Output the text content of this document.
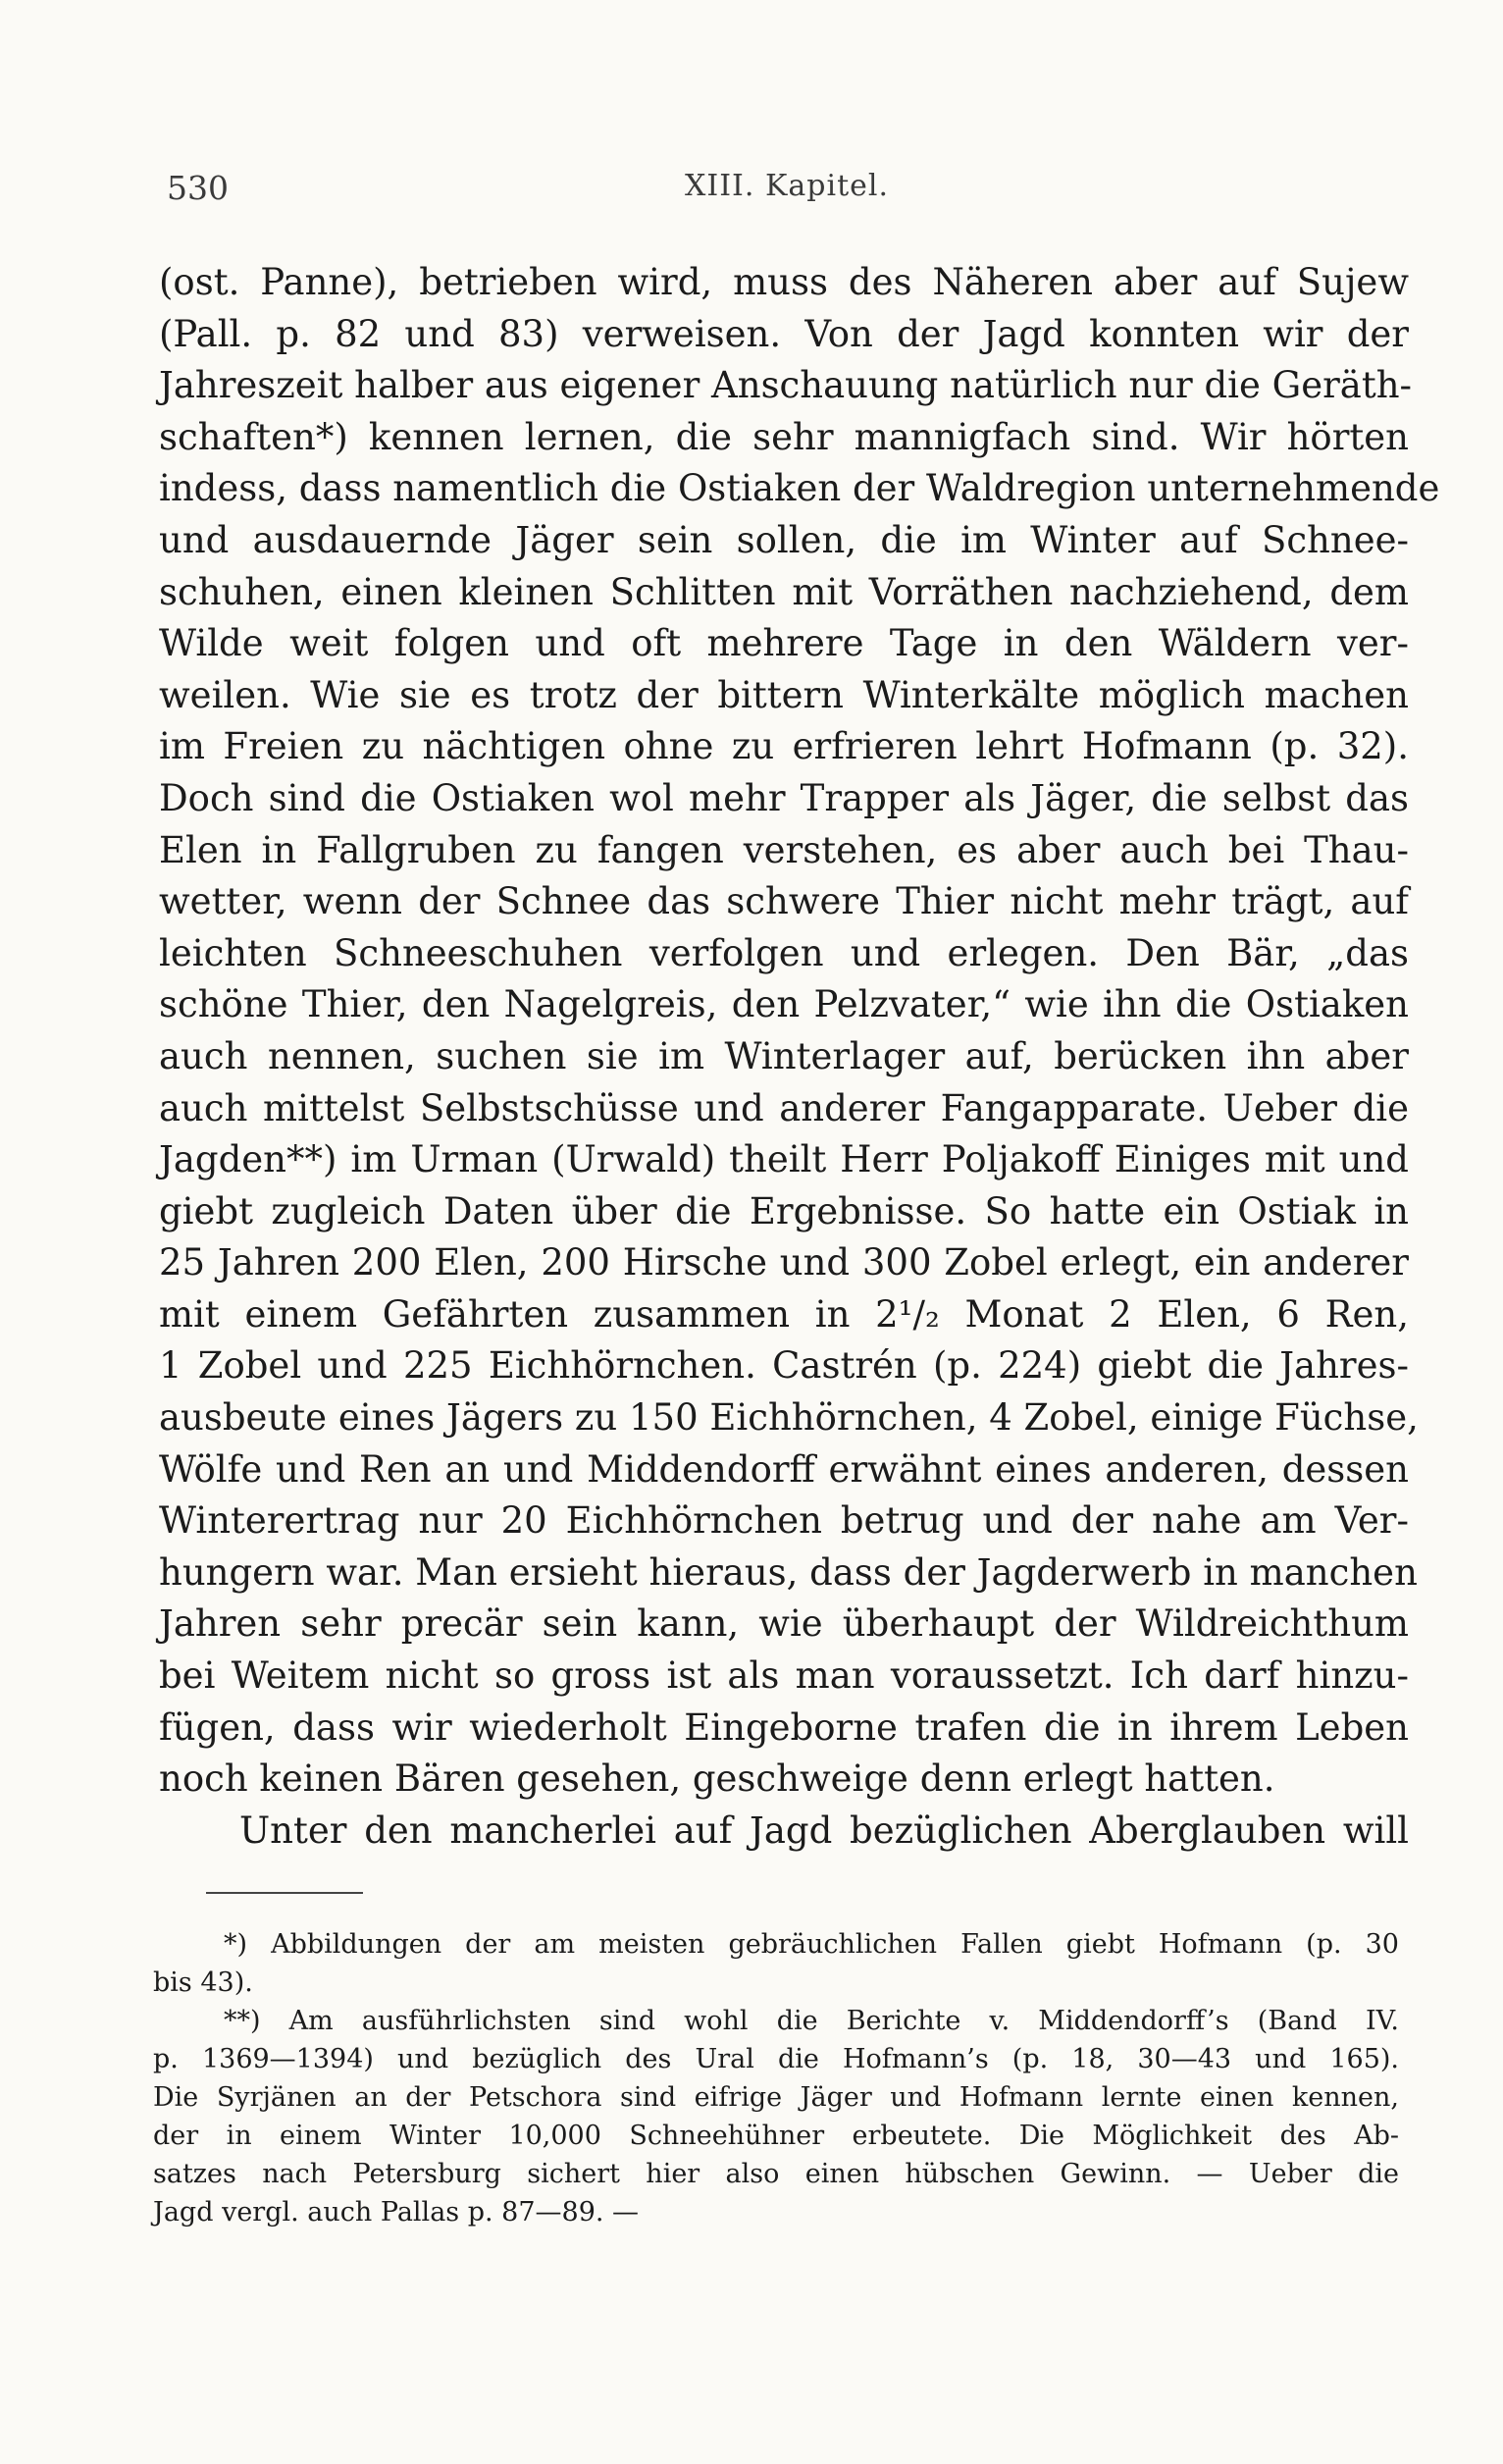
530	XIII. Kapitel.
(ost. Panne), betrieben wird, muss des Näheren aber auf Sujew
(Pall. p. 82 und 83) verweisen. Von der Jagd konnten wir der
Jahreszeit halber aus eigener Anschauung natürlich nur die Geräth-
schaften*) kennen lernen, die sehr mannigfach sind. Wir hörten
indess, dass namentlich die Ostiaken der Waldregion unternehmende
und ausdauernde Jäger sein sollen, die im Winter auf Schnee-
schuhen, einen kleinen Schlitten mit Vorräthen nachziehend, dem
Wilde weit folgen und oft mehrere Tage in den Wäldern ver-
weilen. Wie sie es trotz der bittern Winterkälte möglich machen
im Freien zu nächtigen ohne zu erfrieren lehrt Hofmann (p. 32).
Doch sind die Ostiaken wol mehr Trapper als Jäger, die selbst das
Elen in Fallgruben zu fangen verstehen, es aber auch bei Thau-
wetter, wenn der Schnee das schwere Thier nicht mehr trägt, auf
leichten Schneeschuhen verfolgen und erlegen. Den Bär, „das
schöne Thier, den Nagelgreis, den Pelzvater,“ wie ihn die Ostiaken
auch nennen, suchen sie im Winterlager auf, berücken ihn aber
auch mittelst Selbstschüsse und anderer Fangapparate. Ueber die
Jagden**) im Urman (Urwald) theilt Herr Poljakoff Einiges mit und
giebt zugleich Daten über die Ergebnisse. So hatte ein Ostiak in
25 Jahren 200 Elen, 200 Hirsche und 300 Zobel erlegt, ein anderer
mit einem Gefährten zusammen in 2¹/₂ Monat 2 Elen, 6 Ren,
1 Zobel und 225 Eichhörnchen. Castrén (p. 224) giebt die Jahres-
ausbeute eines Jägers zu 150 Eichhörnchen, 4 Zobel, einige Füchse,
Wölfe und Ren an und Middendorff erwähnt eines anderen, dessen
Winterertrag nur 20 Eichhörnchen betrug und der nahe am Ver-
hungern war. Man ersieht hieraus, dass der Jagderwerb in manchen
Jahren sehr precär sein kann, wie überhaupt der Wildreichthum
bei Weitem nicht so gross ist als man voraussetzt. Ich darf hinzu-
fügen, dass wir wiederholt Eingeborne trafen die in ihrem Leben
noch keinen Bären gesehen, geschweige denn erlegt hatten.
Unter den mancherlei auf Jagd bezüglichen Aberglauben will
*) Abbildungen der am meisten gebräuchlichen Fallen giebt Hofmann (p. 30
bis 43).
**) Am ausführlichsten sind wohl die Berichte v. Middendorff’s (Band IV.
p. 1369—1394) und bezüglich des Ural die Hofmann’s (p. 18, 30—43 und 165).
Die Syrjänen an der Petschora sind eifrige Jäger und Hofmann lernte einen kennen,
der in einem Winter 10,000 Schneehühner erbeutete. Die Möglichkeit des Ab-
satzes nach Petersburg sichert hier also einen hübschen Gewinn. — Ueber die
Jagd vergl. auch Pallas p. 87—89. —
